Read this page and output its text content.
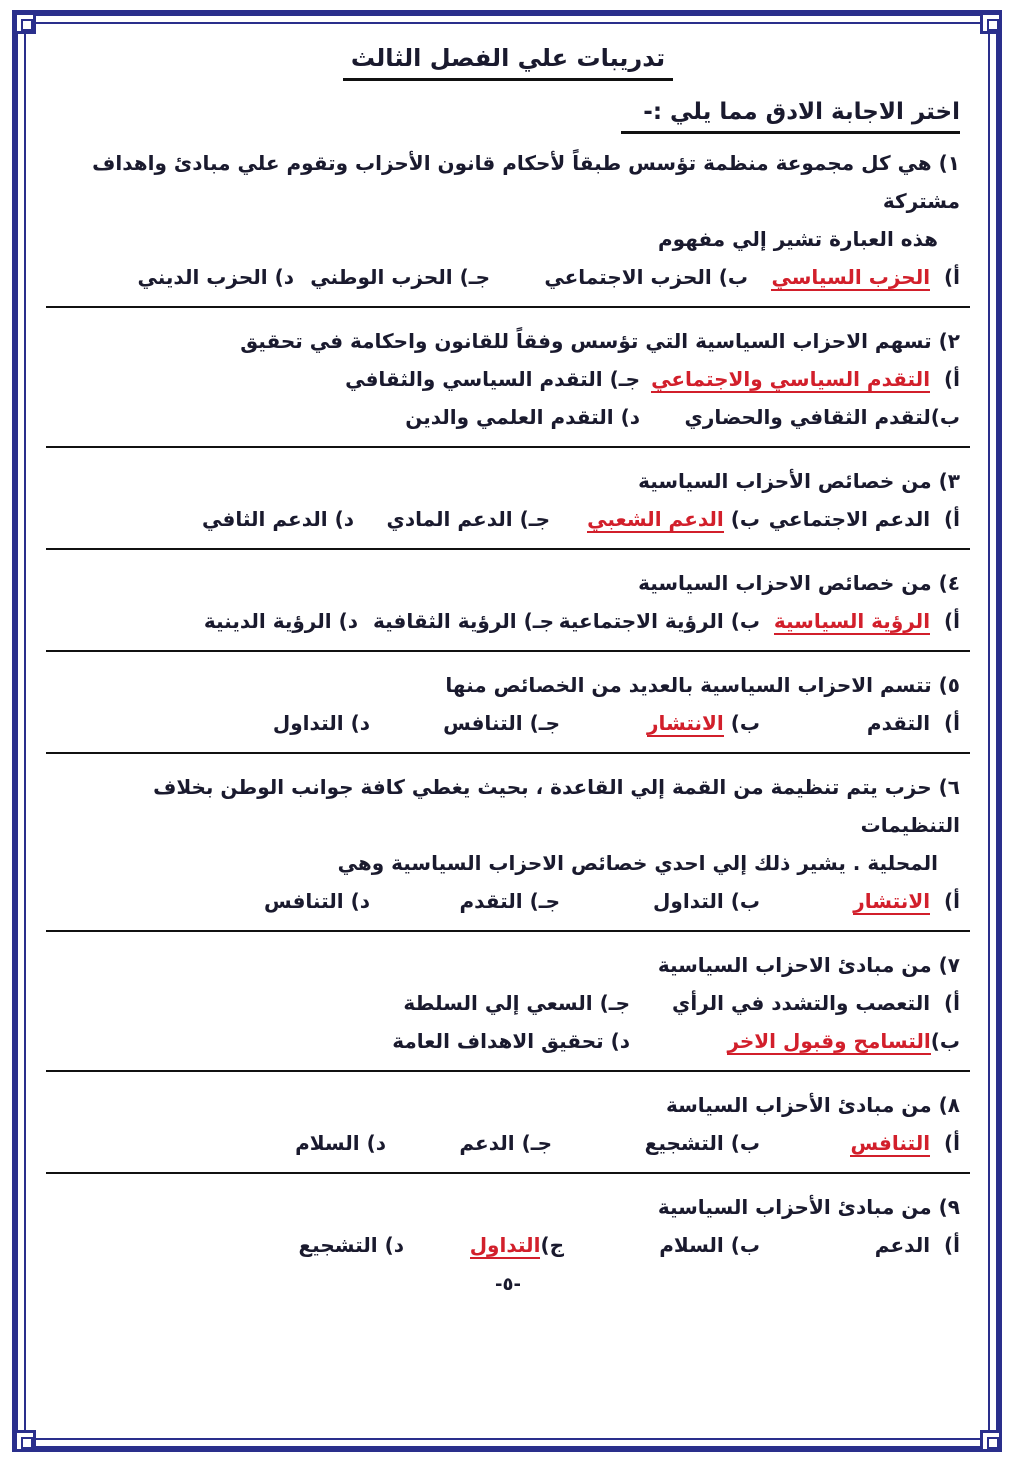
تدريبات علي الفصل الثالث
اختر الاجابة الادق مما يلي :-
١) هي كل مجموعة منظمة تؤسس طبقاً لأحكام قانون الأحزاب وتقوم علي مبادئ واهداف مشتركة
هذه العبارة تشير إلي مفهوم
أ)  الحزب السياسي
ب) الحزب الاجتماعي
جـ) الحزب الوطني
د) الحزب الديني
٢) تسهم الاحزاب السياسية التي تؤسس وفقاً للقانون واحكامة في تحقيق
أ)  التقدم السياسي والاجتماعي
جـ) التقدم السياسي والثقافي
ب)لتقدم الثقافي والحضاري
د) التقدم العلمي والدين
٣) من خصائص الأحزاب السياسية
أ)  الدعم الاجتماعي
ب) الدعم الشعبي
جـ) الدعم المادي
د) الدعم الثافي
٤) من خصائص الاحزاب السياسية
أ)  الرؤية السياسية
ب) الرؤية الاجتماعية
جـ) الرؤية الثقافية
د) الرؤية الدينية
٥) تتسم الاحزاب السياسية بالعديد من الخصائص منها
أ)  التقدم
ب) الانتشار
جـ) التنافس
د) التداول
٦) حزب يتم تنظيمة من القمة إلي القاعدة ، بحيث يغطي كافة جوانب الوطن بخلاف التنظيمات
المحلية . يشير ذلك إلي احدي خصائص الاحزاب السياسية وهي
أ)  الانتشار
ب) التداول
جـ) التقدم
د) التنافس
٧) من مبادئ الاحزاب السياسية
أ)  التعصب والتشدد في الرأي
جـ) السعي إلي السلطة
ب)التسامح وقبول الاخر
د) تحقيق الاهداف العامة
٨) من مبادئ الأحزاب السياسة
أ)  التنافس
ب) التشجيع
جـ) الدعم
د) السلام
٩) من مبادئ الأحزاب السياسية
أ)  الدعم
ب) السلام
ج)التداول
د) التشجيع
-٥-
